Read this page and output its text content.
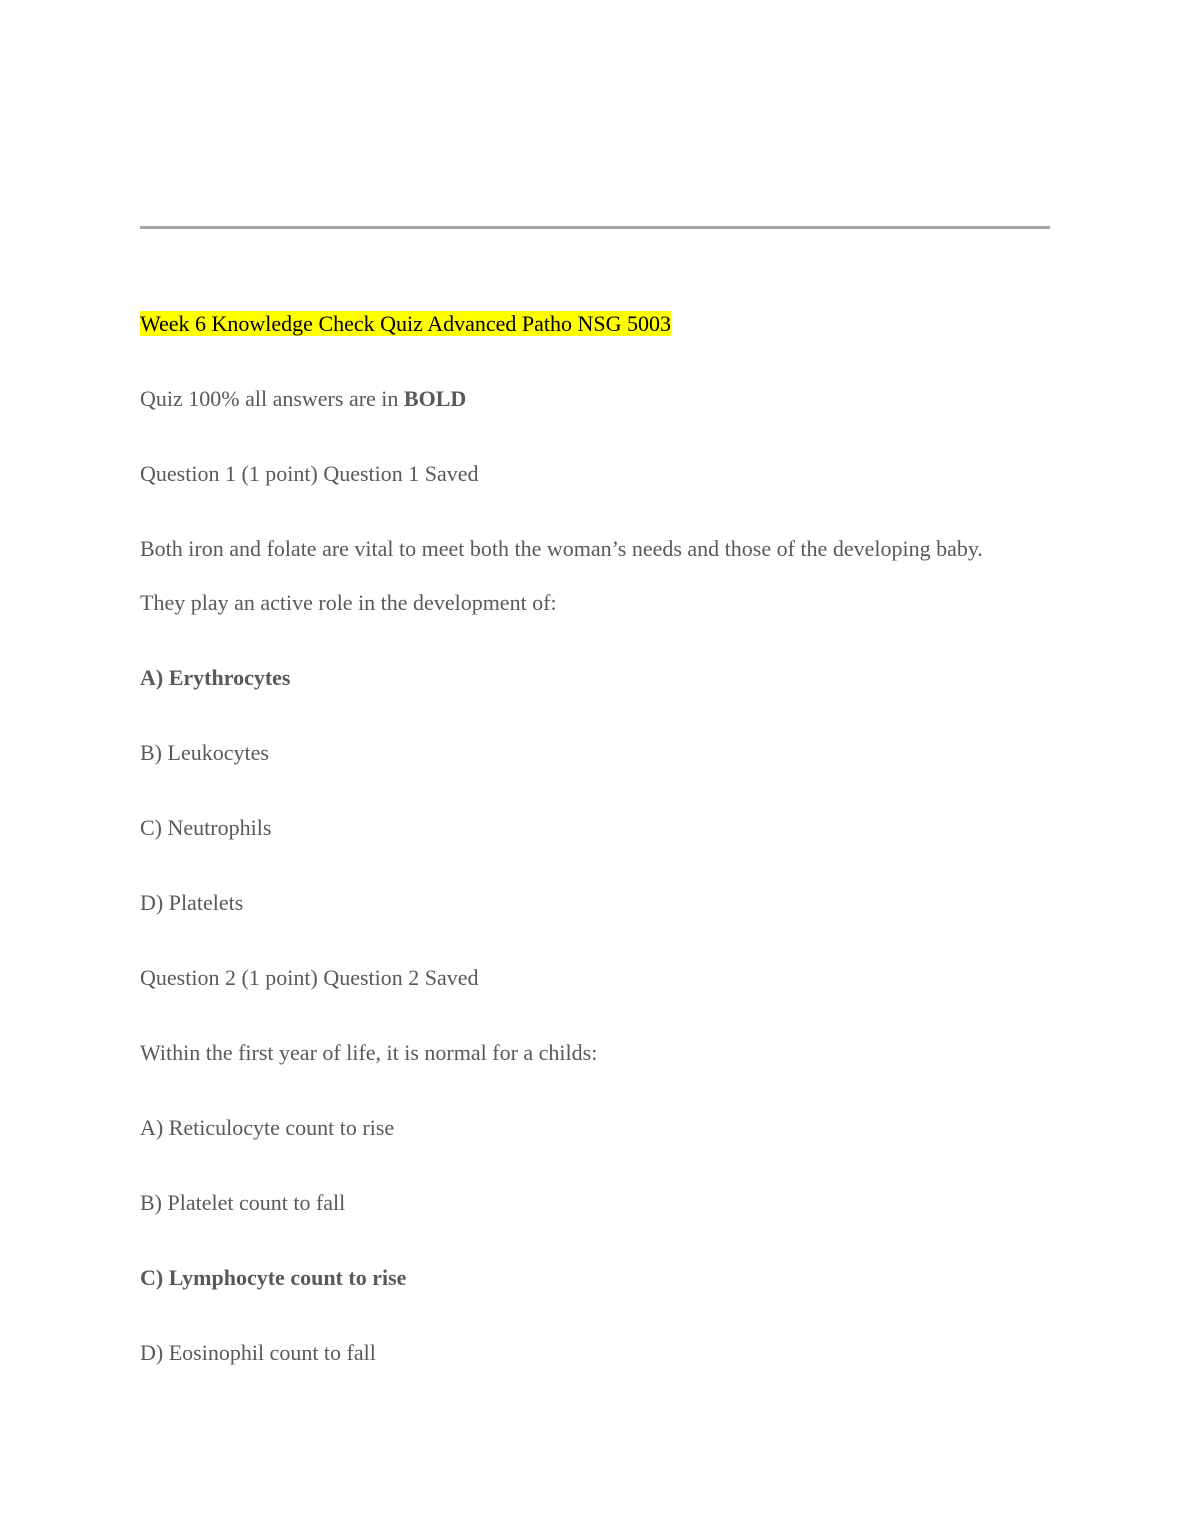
Week 6 Knowledge Check Quiz Advanced Patho NSG 5003
Quiz 100% all answers are in BOLD
Question 1 (1 point) Question 1 Saved
Both iron and folate are vital to meet both the woman’s needs and those of the developing baby.
They play an active role in the development of:
A) Erythrocytes
B) Leukocytes
C) Neutrophils
D) Platelets
Question 2 (1 point) Question 2 Saved
Within the first year of life, it is normal for a childs:
A) Reticulocyte count to rise
B) Platelet count to fall
C) Lymphocyte count to rise
D) Eosinophil count to fall
